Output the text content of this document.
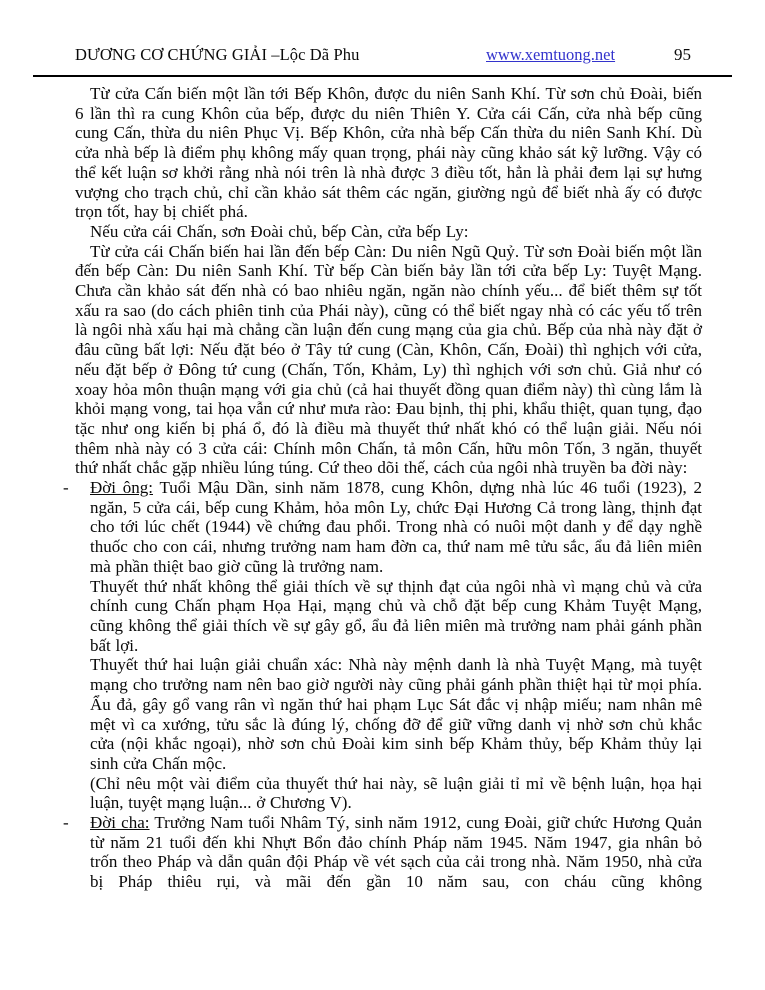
DƯƠNG CƠ CHỨNG GIẢI –Lộc Dã Phu	www.xemtuong.net	95

Từ cửa Cấn biến một lần tới Bếp Khôn, được du niên Sanh Khí. Từ sơn chủ Đoài, biến 6 lần thì ra cung Khôn của bếp, được du niên Thiên Y. Cửa cái Cấn, cửa nhà bếp cũng cung Cấn, thừa du niên Phục Vị. Bếp Khôn, cửa nhà bếp Cấn thừa du niên Sanh Khí. Dù cửa nhà bếp là điểm phụ không mấy quan trọng, phái này cũng khảo sát kỹ lưỡng. Vậy có thể kết luận sơ khởi rằng nhà nói trên là nhà được 3 điều tốt, hẳn là phải đem lại sự hưng vượng cho trạch chủ, chỉ cần khảo sát thêm các ngăn, giường ngủ để biết nhà ấy có được trọn tốt, hay bị chiết phá.

Nếu cửa cái Chấn, sơn Đoài chủ, bếp Càn, cửa bếp Ly:

Từ cửa cái Chấn biến hai lần đến bếp Càn: Du niên Ngũ Quỷ. Từ sơn Đoài biến một lần đến bếp Càn: Du niên Sanh Khí. Từ bếp Càn biến bảy lần tới cửa bếp Ly: Tuyệt Mạng. Chưa cần khảo sát đến nhà có bao nhiêu ngăn, ngăn nào chính yếu... để biết thêm sự tốt xấu ra sao (do cách phiên tinh của Phái này), cũng có thể biết ngay nhà có các yếu tố trên là ngôi nhà xấu hại mà chẳng cần luận đến cung mạng của gia chủ. Bếp của nhà này đặt ở đâu cũng bất lợi: Nếu đặt béo ở Tây tứ cung (Càn, Khôn, Cấn, Đoài) thì nghịch với cửa, nếu đặt bếp ở Đông tứ cung (Chấn, Tốn, Khảm, Ly) thì nghịch với sơn chủ. Giả như có xoay hỏa môn thuận mạng với gia chủ (cả hai thuyết đồng quan điểm này) thì cùng lắm là khỏi mạng vong, tai họa vẫn cứ như mưa rào: Đau bịnh, thị phi, khẩu thiệt, quan tụng, đạo tặc như ong kiến bị phá ổ, đó là điều mà thuyết thứ nhất khó có thể luận giải. Nếu nói thêm nhà này có 3 cửa cái: Chính môn Chấn, tả môn Cấn, hữu môn Tốn, 3 ngăn, thuyết thứ nhất chắc gặp nhiều lúng túng. Cứ theo dõi thế, cách của ngôi nhà truyền ba đời này:

- Đời ông: Tuổi Mậu Dần, sinh năm 1878, cung Khôn, dựng nhà lúc 46 tuổi (1923), 2 ngăn, 5 cửa cái, bếp cung Khảm, hỏa môn Ly, chức Đại Hương Cả trong làng, thịnh đạt cho tới lúc chết (1944) về chứng đau phổi. Trong nhà có nuôi một danh y để dạy nghề thuốc cho con cái, nhưng trưởng nam ham đờn ca, thứ nam mê tửu sắc, ẩu đả liên miên mà phần thiệt bao giờ cũng là trưởng nam.

Thuyết thứ nhất không thể giải thích về sự thịnh đạt của ngôi nhà vì mạng chủ và cửa chính cung Chấn phạm Họa Hại, mạng chủ và chỗ đặt bếp cung Khảm Tuyệt Mạng, cũng không thể giải thích về sự gây gổ, ẩu đả liên miên mà trưởng nam phải gánh phần bất lợi.

Thuyết thứ hai luận giải chuẩn xác: Nhà này mệnh danh là nhà Tuyệt Mạng, mà tuyệt mạng cho trưởng nam nên bao giờ người này cũng phải gánh phần thiệt hại từ mọi phía. Ẩu đả, gây gổ vang rân vì ngăn thứ hai phạm Lục Sát đắc vị nhập miếu; nam nhân mê mệt vì ca xướng, tửu sắc là đúng lý, chống đỡ để giữ vững danh vị nhờ sơn chủ khắc cửa (nội khắc ngoại), nhờ sơn chủ Đoài kim sinh bếp Khảm thủy, bếp Khảm thủy lại sinh cửa Chấn mộc.

(Chỉ nêu một vài điểm của thuyết thứ hai này, sẽ luận giải tỉ mỉ về bệnh luận, họa hại luận, tuyệt mạng luận... ở Chương V).

- Đời cha: Trưởng Nam tuổi Nhâm Tý, sinh năm 1912, cung Đoài, giữ chức Hương Quản từ năm 21 tuổi đến khi Nhựt Bổn đảo chính Pháp năm 1945. Năm 1947, gia nhân bỏ trốn theo Pháp và dẫn quân đội Pháp về vét sạch của cải trong nhà. Năm 1950, nhà cửa bị Pháp thiêu rụi, và mãi đến gần 10 năm sau, con cháu cũng không
